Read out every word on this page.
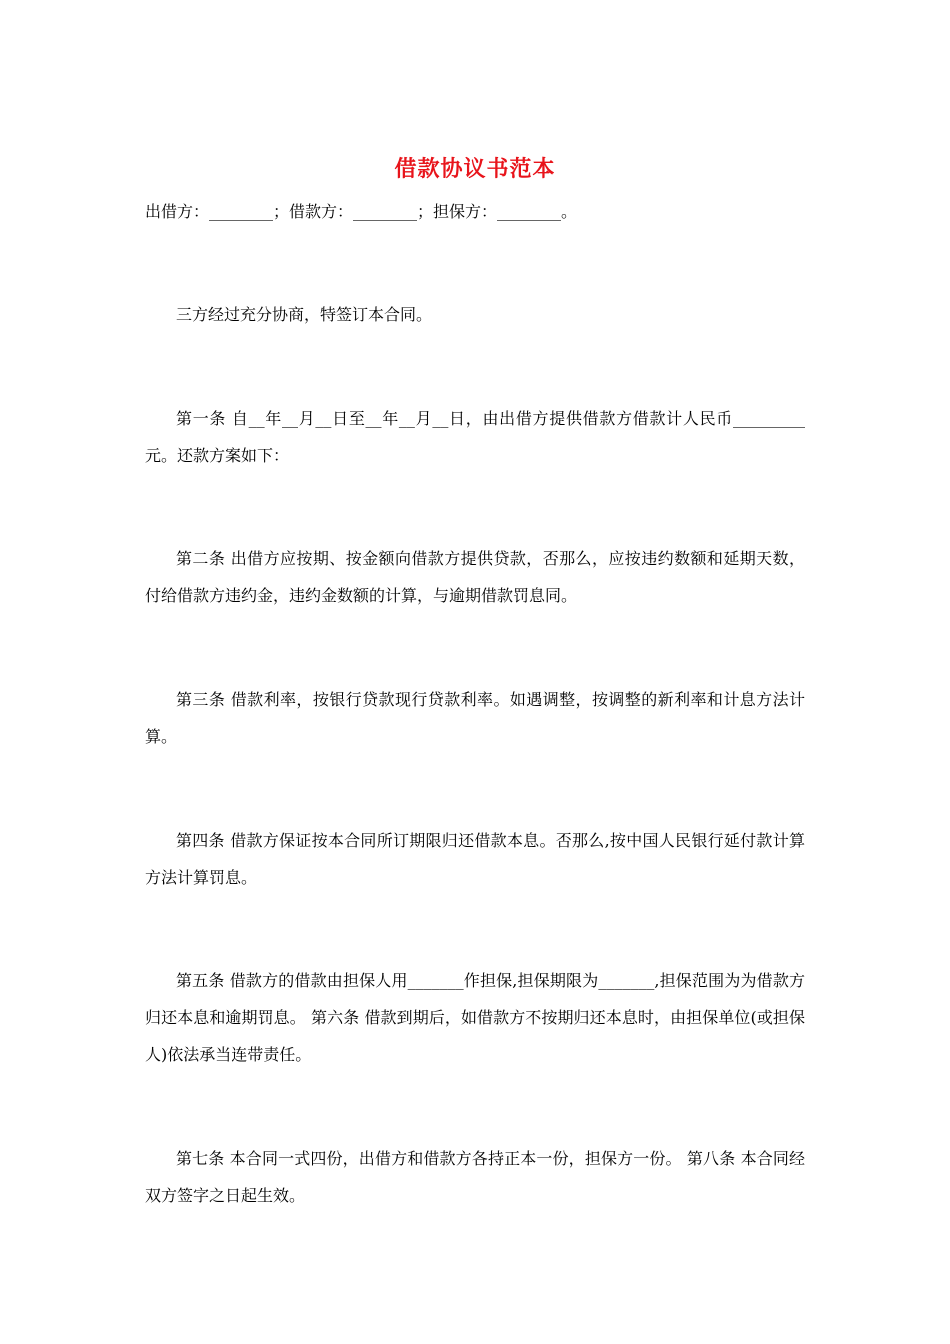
借款协议书范本
出借方：________；借款方：________；担保方：________。

三方经过充分协商，特签订本合同。

第一条 自__年__月__日至__年__月__日，由出借方提供借款方借款计人民币_________元。还款方案如下：

第二条 出借方应按期、按金额向借款方提供贷款，否那么，应按违约数额和延期天数，付给借款方违约金，违约金数额的计算，与逾期借款罚息同。

第三条 借款利率，按银行贷款现行贷款利率。如遇调整，按调整的新利率和计息方法计算。

第四条 借款方保证按本合同所订期限归还借款本息。否那么,按中国人民银行延付款计算方法计算罚息。

第五条 借款方的借款由担保人用_______作担保,担保期限为_______,担保范围为为借款方归还本息和逾期罚息。 第六条 借款到期后，如借款方不按期归还本息时，由担保单位(或担保人)依法承当连带责任。

第七条 本合同一式四份，出借方和借款方各持正本一份，担保方一份。 第八条 本合同经双方签字之日起生效。
